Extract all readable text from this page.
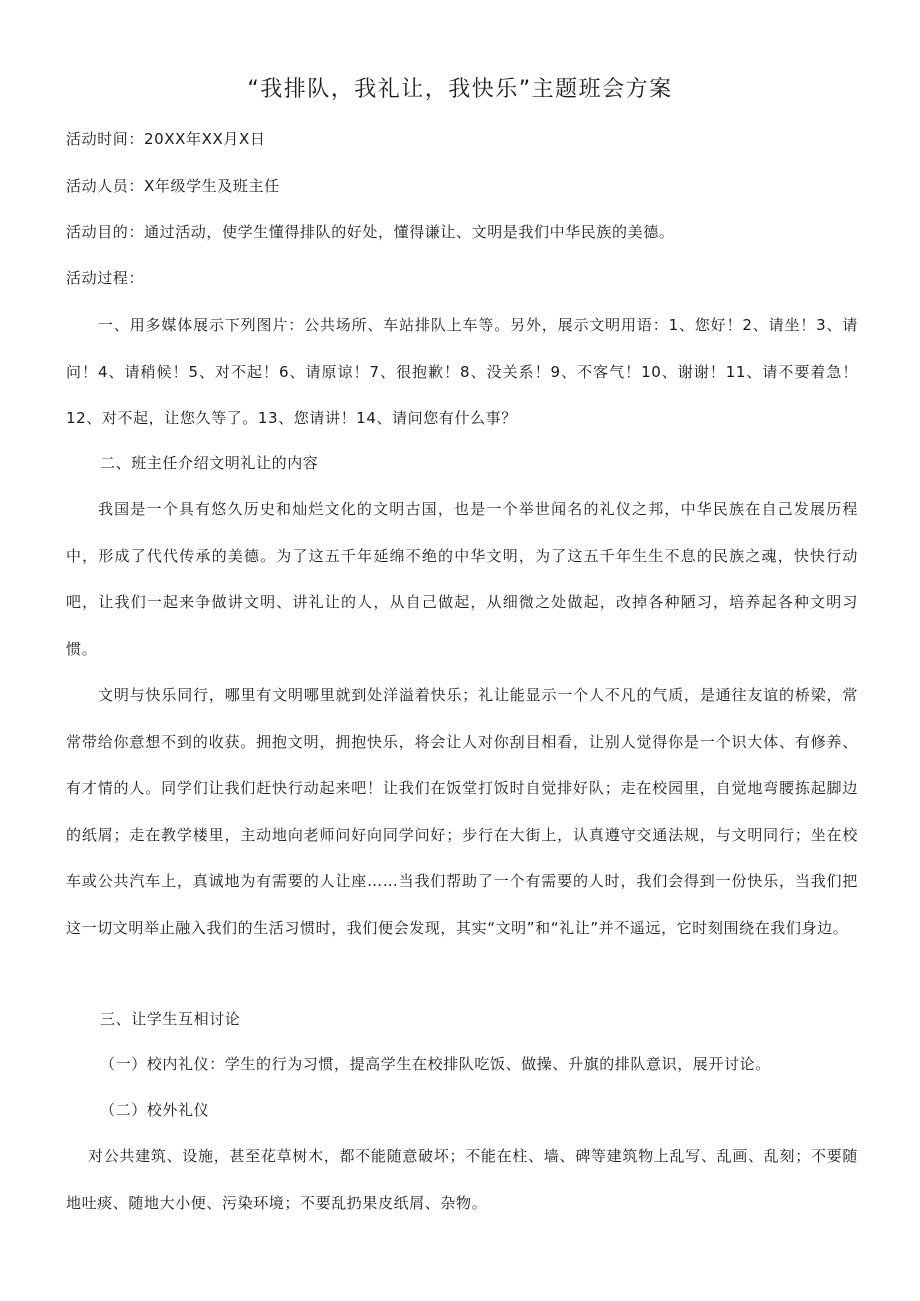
“我排队，我礼让，我快乐”主题班会方案
活动时间：20XX年XX月X日
活动人员：X年级学生及班主任
活动目的：通过活动，使学生懂得排队的好处，懂得谦让、文明是我们中华民族的美德。
活动过程：

一、用多媒体展示下列图片：公共场所、车站排队上车等。另外，展示文明用语：1、您好！2、请坐！3、请问！4、请稍候！5、对不起！6、请原谅！7、很抱歉！8、没关系！9、不客气！10、谢谢！11、请不要着急！12、对不起，让您久等了。13、您请讲！14、请问您有什么事？

二、班主任介绍文明礼让的内容

我国是一个具有悠久历史和灿烂文化的文明古国，也是一个举世闻名的礼仪之邦，中华民族在自己发展历程中，形成了代代传承的美德。为了这五千年延绵不绝的中华文明，为了这五千年生生不息的民族之魂，快快行动吧，让我们一起来争做讲文明、讲礼让的人，从自己做起，从细微之处做起，改掉各种陋习，培养起各种文明习惯。

文明与快乐同行，哪里有文明哪里就到处洋溢着快乐；礼让能显示一个人不凡的气质，是通往友谊的桥梁，常常带给你意想不到的收获。拥抱文明，拥抱快乐，将会让人对你刮目相看，让别人觉得你是一个识大体、有修养、有才情的人。同学们让我们赶快行动起来吧！让我们在饭堂打饭时自觉排好队；走在校园里，自觉地弯腰拣起脚边的纸屑；走在教学楼里，主动地向老师问好向同学问好；步行在大街上，认真遵守交通法规，与文明同行；坐在校车或公共汽车上，真诚地为有需要的人让座……当我们帮助了一个有需要的人时，我们会得到一份快乐，当我们把这一切文明举止融入我们的生活习惯时，我们便会发现，其实“文明”和“礼让”并不遥远，它时刻围绕在我们身边。

三、让学生互相讨论
（一）校内礼仪：学生的行为习惯，提高学生在校排队吃饭、做操、升旗的排队意识，展开讨论。
（二）校外礼仪

对公共建筑、设施，甚至花草树木，都不能随意破坏；不能在柱、墙、碑等建筑物上乱写、乱画、乱刻；不要随地吐痰、随地大小便、污染环境；不要乱扔果皮纸屑、杂物。
